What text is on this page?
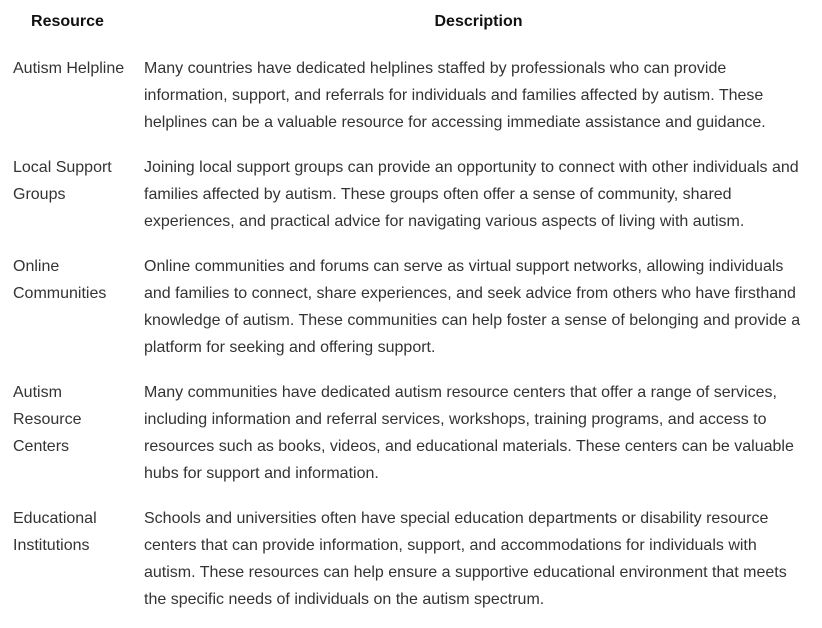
Resource	Description
Autism Helpline	Many countries have dedicated helplines staffed by professionals who can provide information, support, and referrals for individuals and families affected by autism. These helplines can be a valuable resource for accessing immediate assistance and guidance.
Local Support Groups	Joining local support groups can provide an opportunity to connect with other individuals and families affected by autism. These groups often offer a sense of community, shared experiences, and practical advice for navigating various aspects of living with autism.
Online Communities	Online communities and forums can serve as virtual support networks, allowing individuals and families to connect, share experiences, and seek advice from others who have firsthand knowledge of autism. These communities can help foster a sense of belonging and provide a platform for seeking and offering support.
Autism Resource Centers	Many communities have dedicated autism resource centers that offer a range of services, including information and referral services, workshops, training programs, and access to resources such as books, videos, and educational materials. These centers can be valuable hubs for support and information.
Educational Institutions	Schools and universities often have special education departments or disability resource centers that can provide information, support, and accommodations for individuals with autism. These resources can help ensure a supportive educational environment that meets the specific needs of individuals on the autism spectrum.
